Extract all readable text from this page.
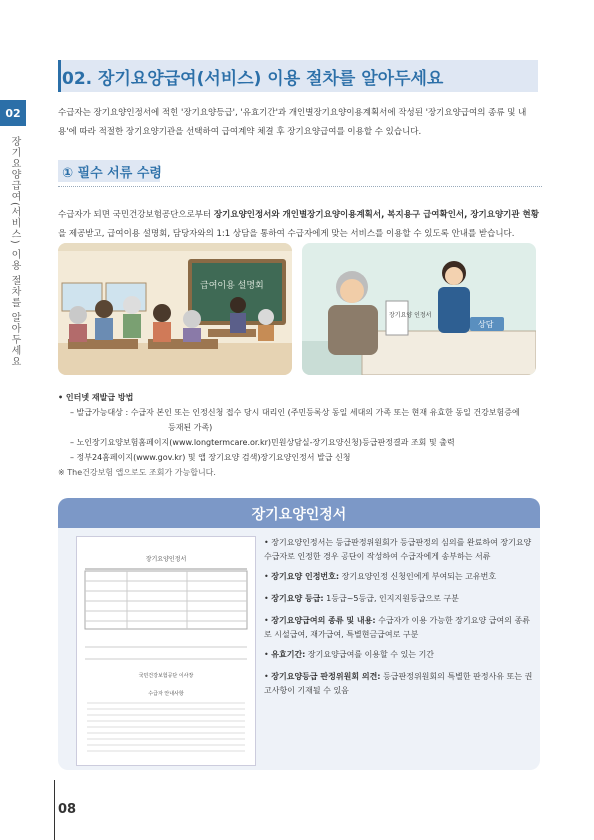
02
장기요양급여(서비스) 이용 절차를 알아두세요
02. 장기요양급여(서비스) 이용 절차를 알아두세요
수급자는 장기요양인정서에 적힌 '장기요양등급', '유효기간'과 개인별장기요양이용계획서에 작성된 '장기요양급여의 종류 및 내용'에 따라 적절한 장기요양기관을 선택하여 급여계약 체결 후 장기요양급여를 이용할 수 있습니다.
① 필수 서류 수령
수급자가 되면 국민건강보험공단으로부터 장기요양인정서와 개인별장기요양이용계획서, 복지용구 급여확인서, 장기요양기관 현황을 제공받고, 급여이용 설명회, 담당자와의 1:1 상담을 통하여 수급자에게 맞는 서비스를 이용할 수 있도록 안내를 받습니다.
급여이용 설명회
장기요양 인정서
상담
• 인터넷 재발급 방법
– 발급가능대상 : 수급자 본인 또는 인정신청 접수 당시 대리인 (주민등록상 동일 세대의 가족 또는 현재 유효한 동일 건강보험증에
등재된 가족)
– 노인장기요양보험홈페이지(www.longtermcare.or.kr)민원상담실-장기요양신청)등급판정결과 조회 및 출력
– 정부24홈페이지(www.gov.kr) 및 앱 장기요양 검색)장기요양인정서 발급 신청
※ The건강보험 앱으로도 조회가 가능합니다.
장기요양인정서
장기요양인정서
국민건강보험공단 이사장
수급자 안내사항
• 장기요양인정서는 등급판정위원회가 등급판정의 심의를 완료하여 장기요양수급자로 인정한 경우 공단이 작성하여 수급자에게 송부하는 서류
• 장기요양 인정번호: 장기요양인정 신청인에게 부여되는 고유번호
• 장기요양 등급: 1등급~5등급, 인지지원등급으로 구분
• 장기요양급여의 종류 및 내용: 수급자가 이용 가능한 장기요양 급여의 종류로 시설급여, 재가급여, 특별현금급여로 구분
• 유효기간: 장기요양급여를 이용할 수 있는 기간
• 장기요양등급 판정위원회 의견: 등급판정위원회의 특별한 판정사유 또는 권고사항이 기재될 수 있음
08
